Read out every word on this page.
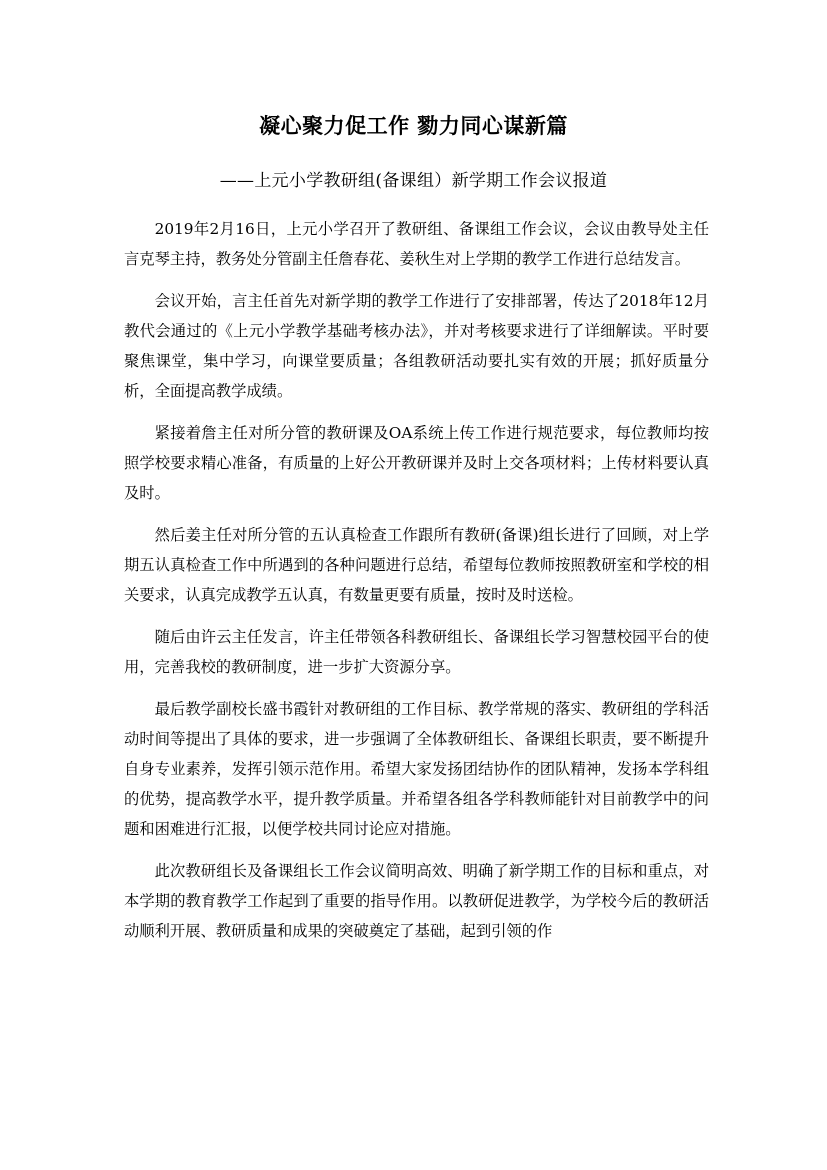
凝心聚力促工作 勠力同心谋新篇
——上元小学教研组(备课组）新学期工作会议报道

2019年2月16日，上元小学召开了教研组、备课组工作会议，会议由教导处主任言克琴主持，教务处分管副主任詹春花、姜秋生对上学期的教学工作进行总结发言。

会议开始，言主任首先对新学期的教学工作进行了安排部署，传达了2018年12月教代会通过的《上元小学教学基础考核办法》，并对考核要求进行了详细解读。平时要聚焦课堂，集中学习，向课堂要质量；各组教研活动要扎实有效的开展；抓好质量分析，全面提高教学成绩。

紧接着詹主任对所分管的教研课及OA系统上传工作进行规范要求，每位教师均按照学校要求精心准备，有质量的上好公开教研课并及时上交各项材料；上传材料要认真及时。

然后姜主任对所分管的五认真检查工作跟所有教研(备课)组长进行了回顾，对上学期五认真检查工作中所遇到的各种问题进行总结，希望每位教师按照教研室和学校的相关要求，认真完成教学五认真，有数量更要有质量，按时及时送检。

随后由许云主任发言，许主任带领各科教研组长、备课组长学习智慧校园平台的使用，完善我校的教研制度，进一步扩大资源分享。

最后教学副校长盛书霞针对教研组的工作目标、教学常规的落实、教研组的学科活动时间等提出了具体的要求，进一步强调了全体教研组长、备课组长职责，要不断提升自身专业素养，发挥引领示范作用。希望大家发扬团结协作的团队精神，发扬本学科组的优势，提高教学水平，提升教学质量。并希望各组各学科教师能针对目前教学中的问题和困难进行汇报，以便学校共同讨论应对措施。

此次教研组长及备课组长工作会议简明高效、明确了新学期工作的目标和重点，对本学期的教育教学工作起到了重要的指导作用。以教研促进教学，为学校今后的教研活动顺利开展、教研质量和成果的突破奠定了基础，起到引领的作
